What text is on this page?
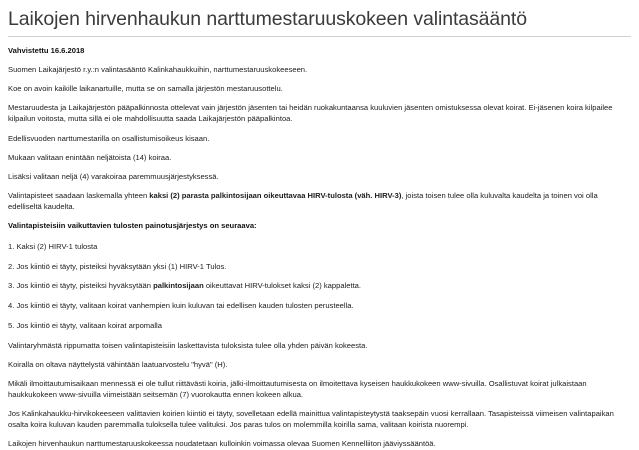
Laikojen hirvenhaukun narttumestaruuskokeen valintasääntö

Vahvistettu 16.6.2018

Suomen Laikajärjestö r.y.:n valintasääntö Kalinkahaukkuihin, narttumestaruuskokeeseen.

Koe on avoin kaikille laikanartuille, mutta se on samalla järjestön mestaruusottelu.

Mestaruudesta ja Laikajärjestön pääpalkinnosta ottelevat vain järjestön jäsenten tai heidän ruokakuntaansa kuuluvien jäsenten omistuksessa olevat koirat. Ei-jäsenen koira kilpailee kilpailun voitosta, mutta sillä ei ole mahdollisuutta saada Laikajärjestön pääpalkintoa.

Edellisvuoden narttumestarilla on osallistumisoikeus kisaan.

Mukaan valitaan enintään neljätoista (14) koiraa.

Lisäksi valitaan neljä (4) varakoiraa paremmuusjärjestyksessä.

Valintapisteet saadaan laskemalla yhteen kaksi (2) parasta palkintosijaan oikeuttavaa HIRV-tulosta (väh. HIRV-3), joista toisen tulee olla kuluvalta kaudelta ja toinen voi olla edelliseltä kaudelta.

Valintapisteisiin vaikuttavien tulosten painotusjärjestys on seuraava:

1. Kaksi (2) HIRV-1 tulosta

2. Jos kiintiö ei täyty, pisteiksi hyväksytään yksi (1) HIRV-1 Tulos.

3. Jos kiintiö ei täyty, pisteiksi hyväksytään palkintosijaan oikeuttavat HIRV-tulokset kaksi (2) kappaletta.

4. Jos kiintiö ei täyty, valitaan koirat vanhempien kuin kuluvan tai edellisen kauden tulosten perusteella.

5. Jos kiintiö ei täyty, valitaan koirat arpomalla

Valintaryhmästä rippumatta toisen valintapisteisiin laskettavista tuloksista tulee olla yhden päivän kokeesta.

Koiralla on oltava näyttelystä vähintään laatuarvostelu "hyvä" (H).

Mikäli ilmoittautumisaikaan mennessä ei ole tullut riittävästi koiria, jälki-ilmoittautumisesta on ilmoitettava kyseisen haukkukokeen www-sivuilla. Osallistuvat koirat julkaistaan haukkukokeen www-sivuilla viimeistään seitsemän (7) vuorokautta ennen kokeen alkua.

Jos Kalinkahaukku-hirvikokeeseen valittavien koirien kiintiö ei täyty, sovelletaan edellä mainittua valintapisteytystä taaksepäin vuosi kerrallaan. Tasapisteissä viimeisen valintapaikan osalta koira kuluvan kauden paremmalla tuloksella tulee valituksi. Jos paras tulos on molemmilla koirilla sama, valitaan koirista nuorempi.

Laikojen hirvenhaukun narttumestaruuskokeessa noudatetaan kulloinkin voimassa olevaa Suomen Kennelliiton jääviyssääntöä.
